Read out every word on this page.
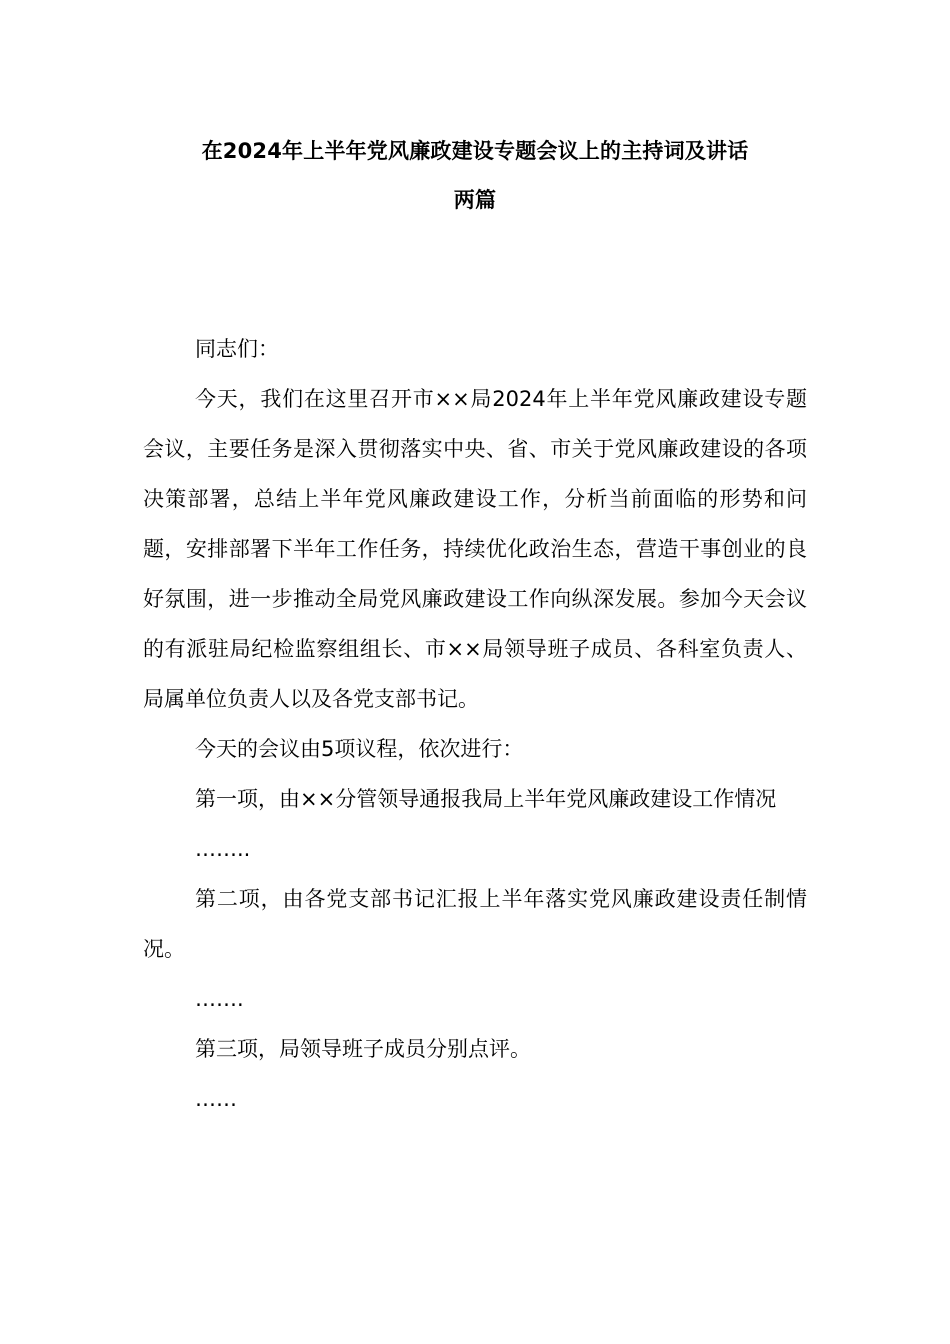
在2024年上半年党风廉政建设专题会议上的主持词及讲话
两篇

同志们：

今天，我们在这里召开市××局2024年上半年党风廉政建设专题会议，主要任务是深入贯彻落实中央、省、市关于党风廉政建设的各项决策部署，总结上半年党风廉政建设工作，分析当前面临的形势和问题，安排部署下半年工作任务，持续优化政治生态，营造干事创业的良好氛围，进一步推动全局党风廉政建设工作向纵深发展。参加今天会议的有派驻局纪检监察组组长、市××局领导班子成员、各科室负责人、局属单位负责人以及各党支部书记。

今天的会议由5项议程，依次进行：

第一项，由××分管领导通报我局上半年党风廉政建设工作情况

……..

第二项，由各党支部书记汇报上半年落实党风廉政建设责任制情况。

…….

第三项，局领导班子成员分别点评。

……
